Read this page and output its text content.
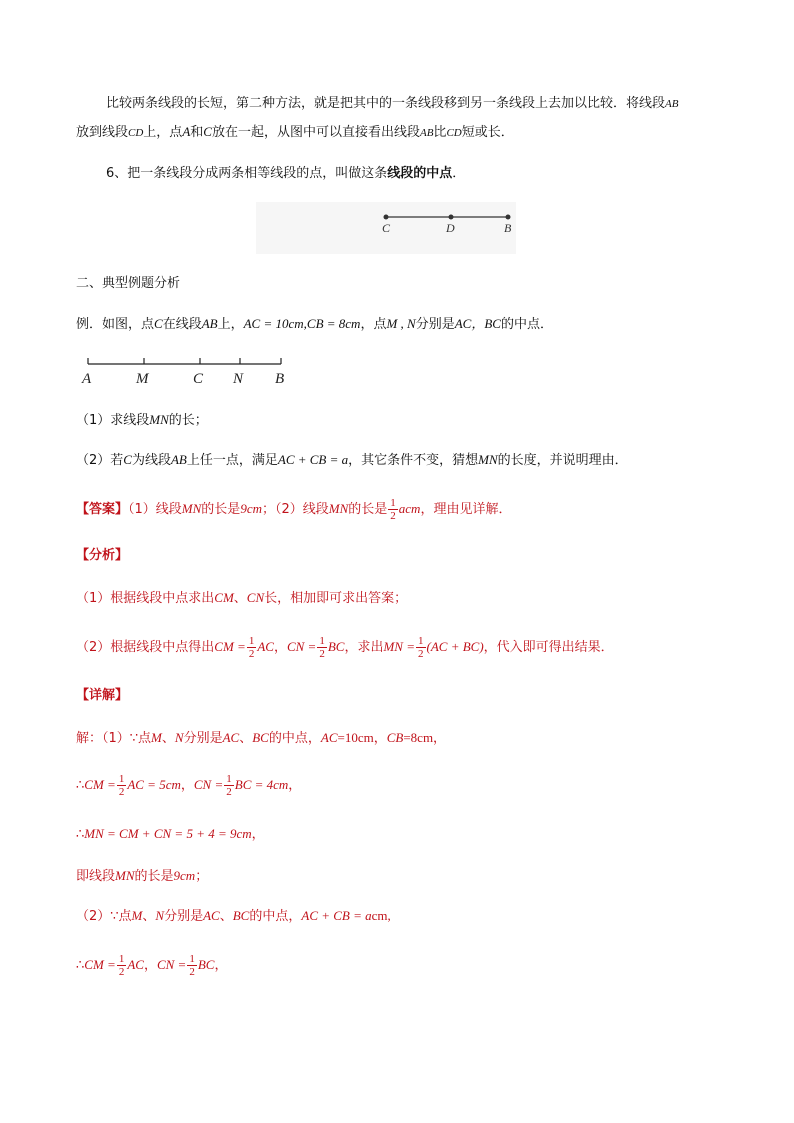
比较两条线段的长短，第二种方法，就是把其中的一条线段移到另一条线段上去加以比较．将线段AB
放到线段CD上，点A和C放在一起，从图中可以直接看出线段AB比CD短或长．
6、把一条线段分成两条相等线段的点，叫做这条线段的中点．
C	D	B
二、典型例题分析
例．如图，点C在线段AB上，AC = 10cm,CB = 8cm，点M , N分别是AC，BC的中点．
A	M	C N B
（1）求线段MN的长；
（2）若C为线段AB上任一点，满足AC + CB = a，其它条件不变，猜想MN的长度，并说明理由．
【答案】（1）线段MN的长是9cm；（2）线段MN的长是 $\frac{1}{2}$ acm，理由见详解．
【分析】
（1）根据线段中点求出CM、CN长，相加即可求出答案；
（2）根据线段中点得出CM = $\frac{1}{2}$ AC，CN = $\frac{1}{2}$ BC，求出MN = $\frac{1}{2} (AC + BC)$，代入即可得出结果．
【详解】
解：（1）∵点M、N分别是AC、BC的中点，AC=10cm，CB=8cm，
∴CM = $\frac{1}{2}$ AC = 5cm，CN = $\frac{1}{2}$ BC = 4cm，
∴MN = CM + CN = 5 + 4 = 9cm，
即线段MN的长是9cm；
（2）∵点M、N分别是AC、BC的中点，AC + CB = acm,
∴CM = $\frac{1}{2}$ AC，CN = $\frac{1}{2}$ BC，
